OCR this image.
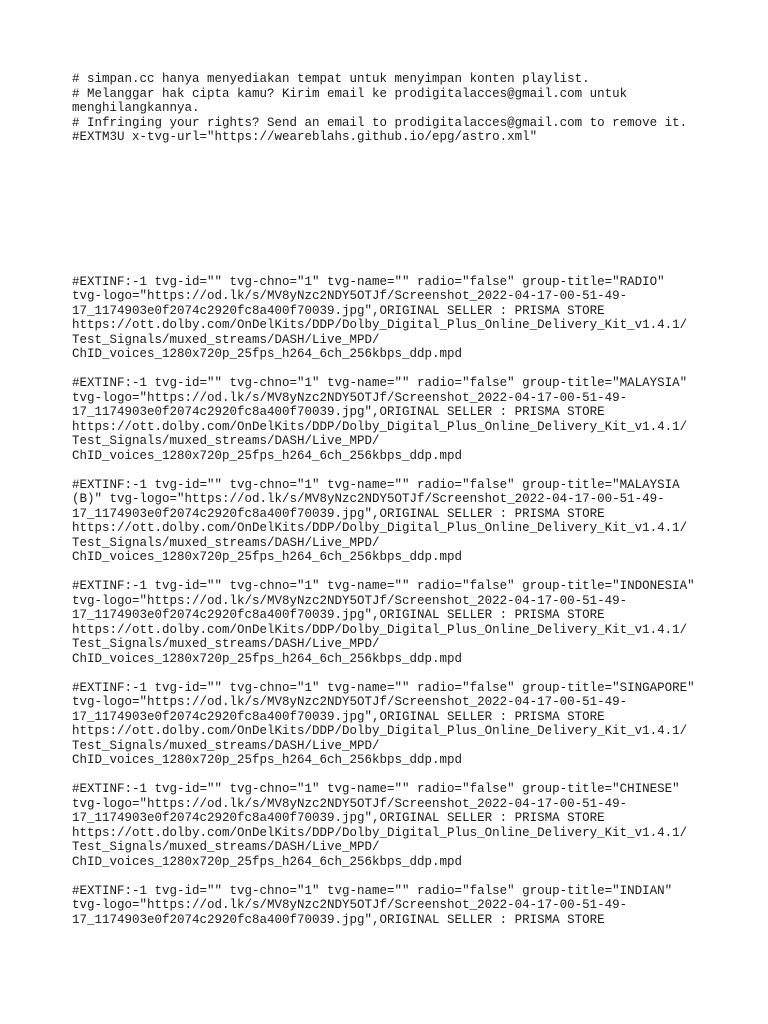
# simpan.cc hanya menyediakan tempat untuk menyimpan konten playlist.
# Melanggar hak cipta kamu? Kirim email ke prodigitalacces@gmail.com untuk
menghilangkannya.
# Infringing your rights? Send an email to prodigitalacces@gmail.com to remove it.
#EXTM3U x-tvg-url="https://weareblahs.github.io/epg/astro.xml"
#EXTINF:-1 tvg-id="" tvg-chno="1" tvg-name="" radio="false" group-title="RADIO"
tvg-logo="https://od.lk/s/MV8yNzc2NDY5OTJf/Screenshot_2022-04-17-00-51-49-
17_1174903e0f2074c2920fc8a400f70039.jpg",ORIGINAL SELLER : PRISMA STORE
https://ott.dolby.com/OnDelKits/DDP/Dolby_Digital_Plus_Online_Delivery_Kit_v1.4.1/
Test_Signals/muxed_streams/DASH/Live_MPD/
ChID_voices_1280x720p_25fps_h264_6ch_256kbps_ddp.mpd
#EXTINF:-1 tvg-id="" tvg-chno="1" tvg-name="" radio="false" group-title="MALAYSIA"
tvg-logo="https://od.lk/s/MV8yNzc2NDY5OTJf/Screenshot_2022-04-17-00-51-49-
17_1174903e0f2074c2920fc8a400f70039.jpg",ORIGINAL SELLER : PRISMA STORE
https://ott.dolby.com/OnDelKits/DDP/Dolby_Digital_Plus_Online_Delivery_Kit_v1.4.1/
Test_Signals/muxed_streams/DASH/Live_MPD/
ChID_voices_1280x720p_25fps_h264_6ch_256kbps_ddp.mpd
#EXTINF:-1 tvg-id="" tvg-chno="1" tvg-name="" radio="false" group-title="MALAYSIA
(B)" tvg-logo="https://od.lk/s/MV8yNzc2NDY5OTJf/Screenshot_2022-04-17-00-51-49-
17_1174903e0f2074c2920fc8a400f70039.jpg",ORIGINAL SELLER : PRISMA STORE
https://ott.dolby.com/OnDelKits/DDP/Dolby_Digital_Plus_Online_Delivery_Kit_v1.4.1/
Test_Signals/muxed_streams/DASH/Live_MPD/
ChID_voices_1280x720p_25fps_h264_6ch_256kbps_ddp.mpd
#EXTINF:-1 tvg-id="" tvg-chno="1" tvg-name="" radio="false" group-title="INDONESIA"
tvg-logo="https://od.lk/s/MV8yNzc2NDY5OTJf/Screenshot_2022-04-17-00-51-49-
17_1174903e0f2074c2920fc8a400f70039.jpg",ORIGINAL SELLER : PRISMA STORE
https://ott.dolby.com/OnDelKits/DDP/Dolby_Digital_Plus_Online_Delivery_Kit_v1.4.1/
Test_Signals/muxed_streams/DASH/Live_MPD/
ChID_voices_1280x720p_25fps_h264_6ch_256kbps_ddp.mpd
#EXTINF:-1 tvg-id="" tvg-chno="1" tvg-name="" radio="false" group-title="SINGAPORE"
tvg-logo="https://od.lk/s/MV8yNzc2NDY5OTJf/Screenshot_2022-04-17-00-51-49-
17_1174903e0f2074c2920fc8a400f70039.jpg",ORIGINAL SELLER : PRISMA STORE
https://ott.dolby.com/OnDelKits/DDP/Dolby_Digital_Plus_Online_Delivery_Kit_v1.4.1/
Test_Signals/muxed_streams/DASH/Live_MPD/
ChID_voices_1280x720p_25fps_h264_6ch_256kbps_ddp.mpd
#EXTINF:-1 tvg-id="" tvg-chno="1" tvg-name="" radio="false" group-title="CHINESE"
tvg-logo="https://od.lk/s/MV8yNzc2NDY5OTJf/Screenshot_2022-04-17-00-51-49-
17_1174903e0f2074c2920fc8a400f70039.jpg",ORIGINAL SELLER : PRISMA STORE
https://ott.dolby.com/OnDelKits/DDP/Dolby_Digital_Plus_Online_Delivery_Kit_v1.4.1/
Test_Signals/muxed_streams/DASH/Live_MPD/
ChID_voices_1280x720p_25fps_h264_6ch_256kbps_ddp.mpd
#EXTINF:-1 tvg-id="" tvg-chno="1" tvg-name="" radio="false" group-title="INDIAN"
tvg-logo="https://od.lk/s/MV8yNzc2NDY5OTJf/Screenshot_2022-04-17-00-51-49-
17_1174903e0f2074c2920fc8a400f70039.jpg",ORIGINAL SELLER : PRISMA STORE
